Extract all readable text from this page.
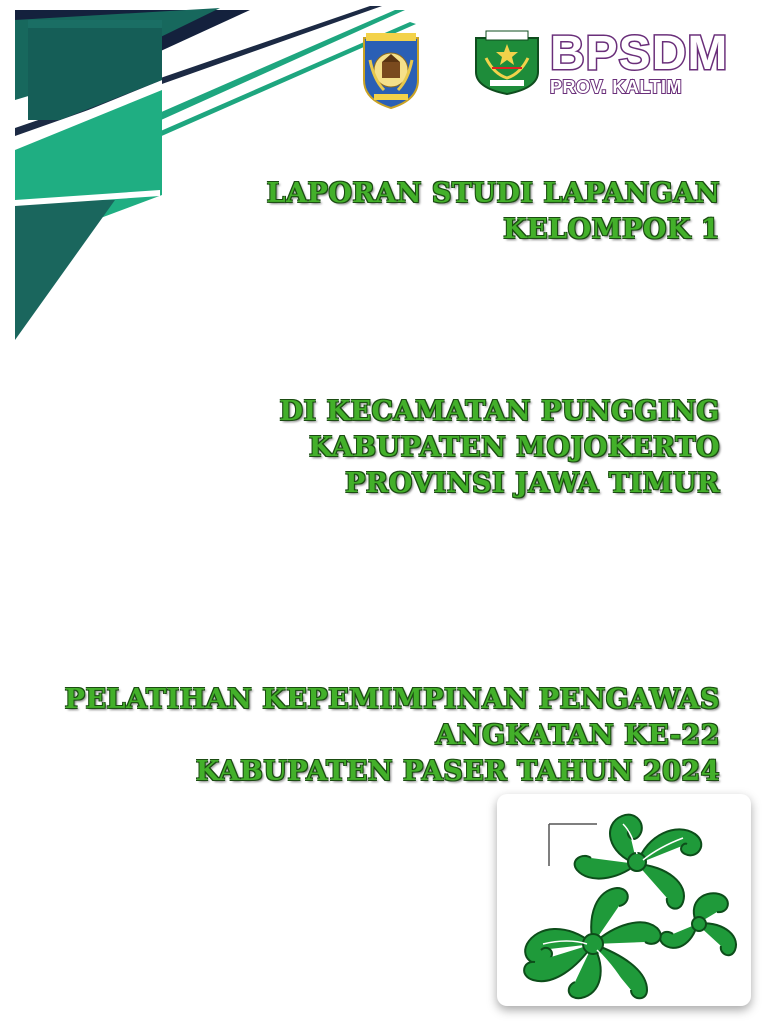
BPSDM
PROV. KALTIM
LAPORAN STUDI LAPANGAN
KELOMPOK 1
DI KECAMATAN PUNGGING
KABUPATEN MOJOKERTO
PROVINSI JAWA TIMUR
PELATIHAN KEPEMIMPINAN PENGAWAS
ANGKATAN KE-22
KABUPATEN PASER TAHUN 2024
